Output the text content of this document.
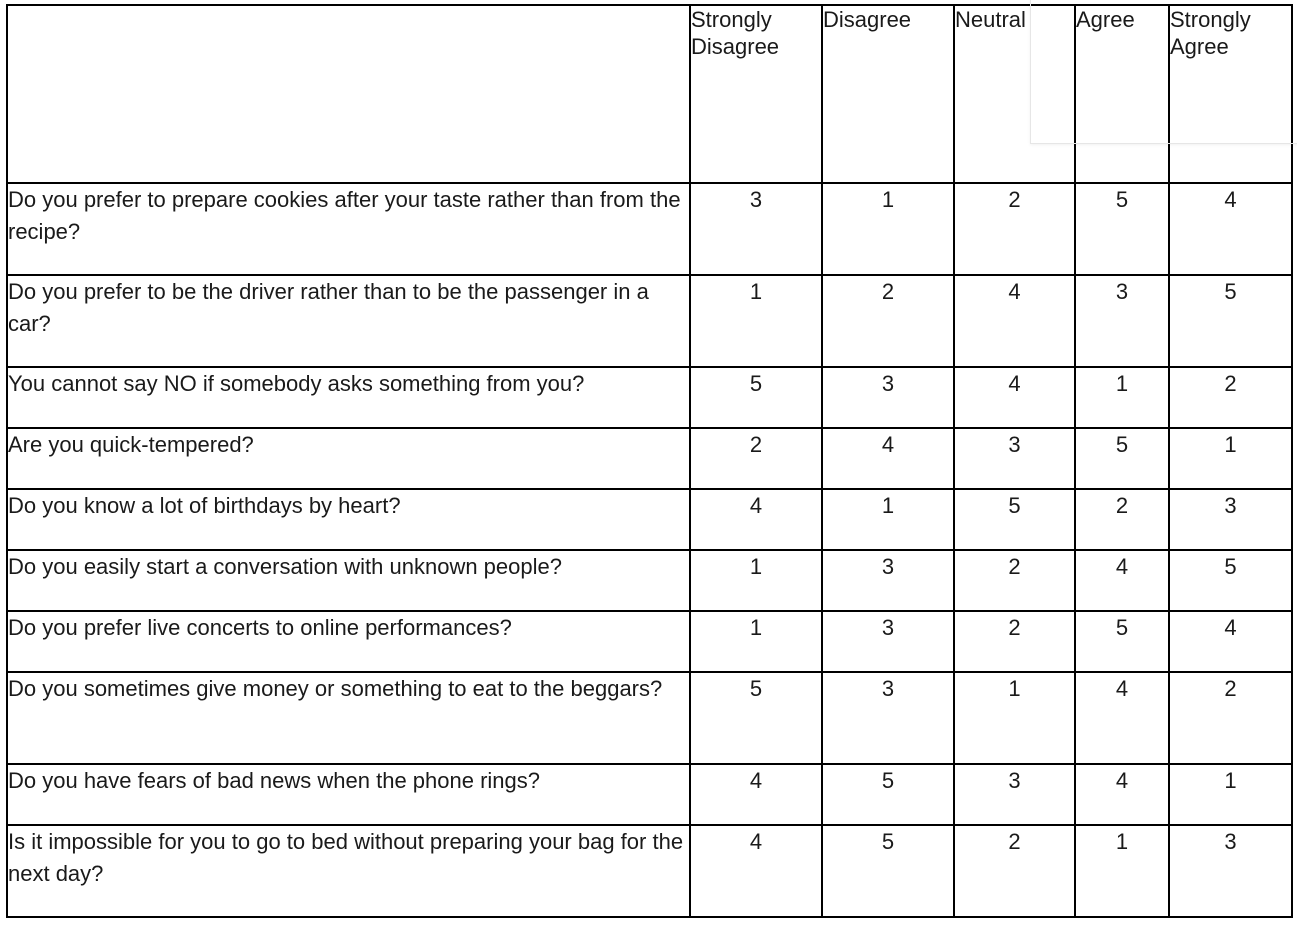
	Strongly Disagree	Disagree	Neutral	Agree	Strongly Agree
Do you prefer to prepare cookies after your taste rather than from the recipe?	3	1	2	5	4
Do you prefer to be the driver rather than to be the passenger in a car?	1	2	4	3	5
You cannot say NO if somebody asks something from you?	5	3	4	1	2
Are you quick-tempered?	2	4	3	5	1
Do you know a lot of birthdays by heart?	4	1	5	2	3
Do you easily start a conversation with unknown people?	1	3	2	4	5
Do you prefer live concerts to online performances?	1	3	2	5	4
Do you sometimes give money or something to eat to the beggars?	5	3	1	4	2
Do you have fears of bad news when the phone rings?	4	5	3	4	1
Is it impossible for you to go to bed without preparing your bag for the next day?	4	5	2	1	3
